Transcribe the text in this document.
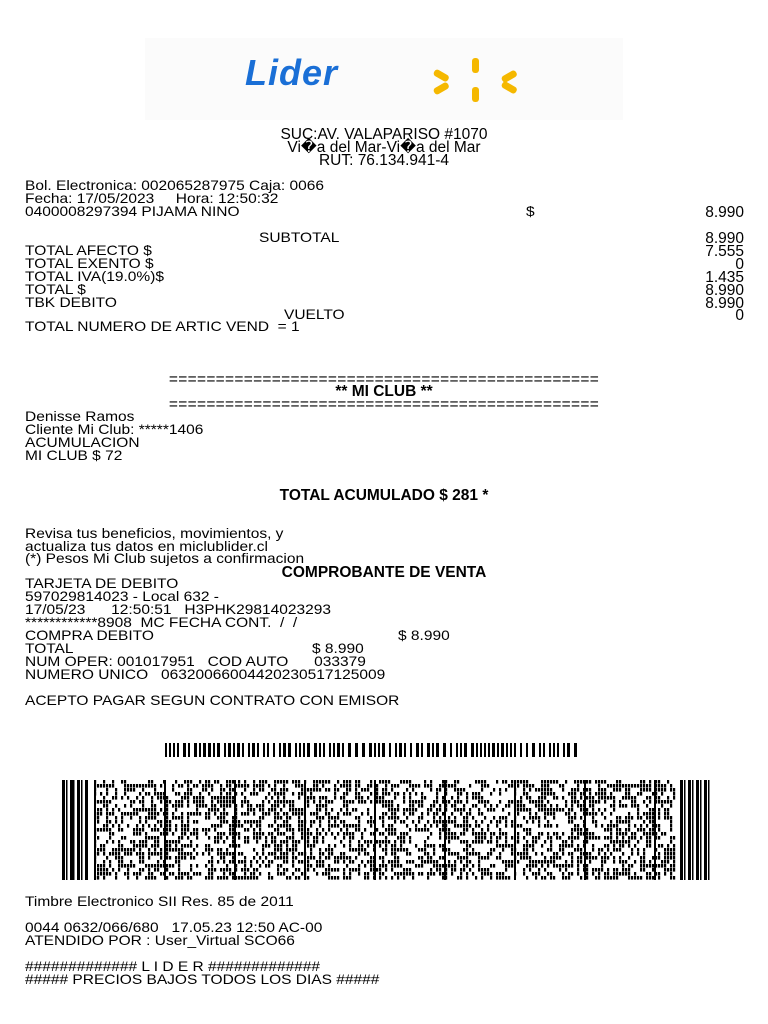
Lider
SUC:AV. VALAPARISO #1070
Vi�a del Mar-Vi�a del Mar
RUT: 76.134.941-4
Bol. Electronica: 002065287975 Caja: 0066
Fecha: 17/05/2023     Hora: 12:50:32
0400008297394 PIJAMA NINO	$	8.990
SUBTOTAL	8.990
TOTAL AFECTO $	7.555
TOTAL EXENTO $	0
TOTAL IVA(19.0%)$	1.435
TOTAL $	8.990
TBK DEBITO	8.990
VUELTO	0
TOTAL NUMERO DE ARTIC VEND  = 1
==============================================
** MI CLUB **
==============================================
Denisse Ramos
Cliente Mi Club: *****1406
ACUMULACION
MI CLUB $ 72
TOTAL ACUMULADO $ 281 *
Revisa tus beneficios, movimientos, y
actualiza tus datos en miclublider.cl
(*) Pesos Mi Club sujetos a confirmacion
COMPROBANTE DE VENTA
TARJETA DE DEBITO
597029814023 - Local 632 -
17/05/23      12:50:51   H3PHK29814023293
************8908  MC FECHA CONT.  /  /
COMPRA DEBITO	$ 8.990
TOTAL	$ 8.990
NUM OPER: 001017951   COD AUTO      033379
NUMERO UNICO   06320066004420230517125009
ACEPTO PAGAR SEGUN CONTRATO CON EMISOR
Timbre Electronico SII Res. 85 de 2011
0044 0632/066/680   17.05.23 12:50 AC-00
ATENDIDO POR : User_Virtual SCO66
############# L I D E R #############
##### PRECIOS BAJOS TODOS LOS DIAS #####
